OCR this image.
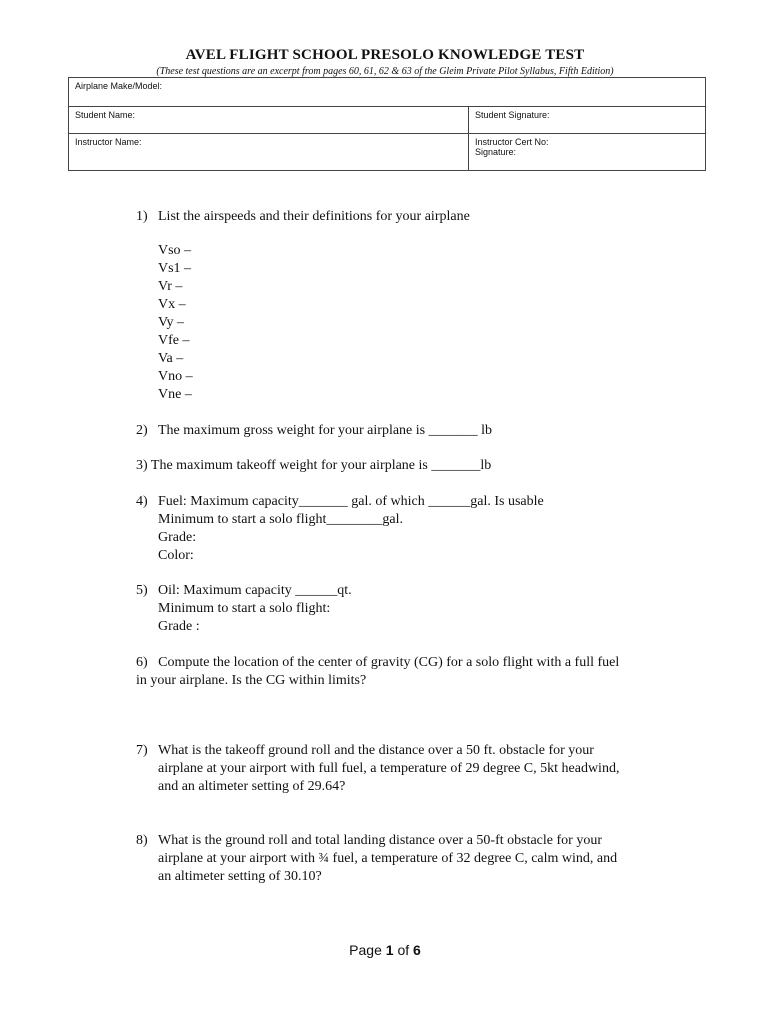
AVEL FLIGHT SCHOOL PRESOLO KNOWLEDGE TEST
(These test questions are an excerpt from pages 60, 61, 62 & 63 of the Gleim Private Pilot Syllabus, Fifth Edition)
Airplane Make/Model:	
Student Name:	Student Signature:
Instructor Name:	Instructor Cert No:
Signature:
1) List the airspeeds and their definitions for your airplane
Vso –
Vs1 –
Vr –
Vx –
Vy –
Vfe –
Va –
Vno –
Vne –
2) The maximum gross weight for your airplane is _______ lb
3) The maximum takeoff weight for your airplane is _______lb
4) Fuel: Maximum capacity_______ gal. of which ______gal. Is usable
Minimum to start a solo flight________gal.
Grade:
Color:
5) Oil: Maximum capacity ______qt.
Minimum to start a solo flight:
Grade :
6)   Compute the location of the center of gravity (CG) for a solo flight with a full fuel
in your airplane. Is the CG within limits?
7) What is the takeoff ground roll and the distance over a 50 ft. obstacle for your
airplane at your airport with full fuel, a temperature of 29 degree C, 5kt headwind,
and an altimeter setting of 29.64?
8) What is the ground roll and total landing distance over a 50-ft obstacle for your
airplane at your airport with ¾ fuel, a temperature of 32 degree C, calm wind, and
an altimeter setting of 30.10?
Page 1 of 6
